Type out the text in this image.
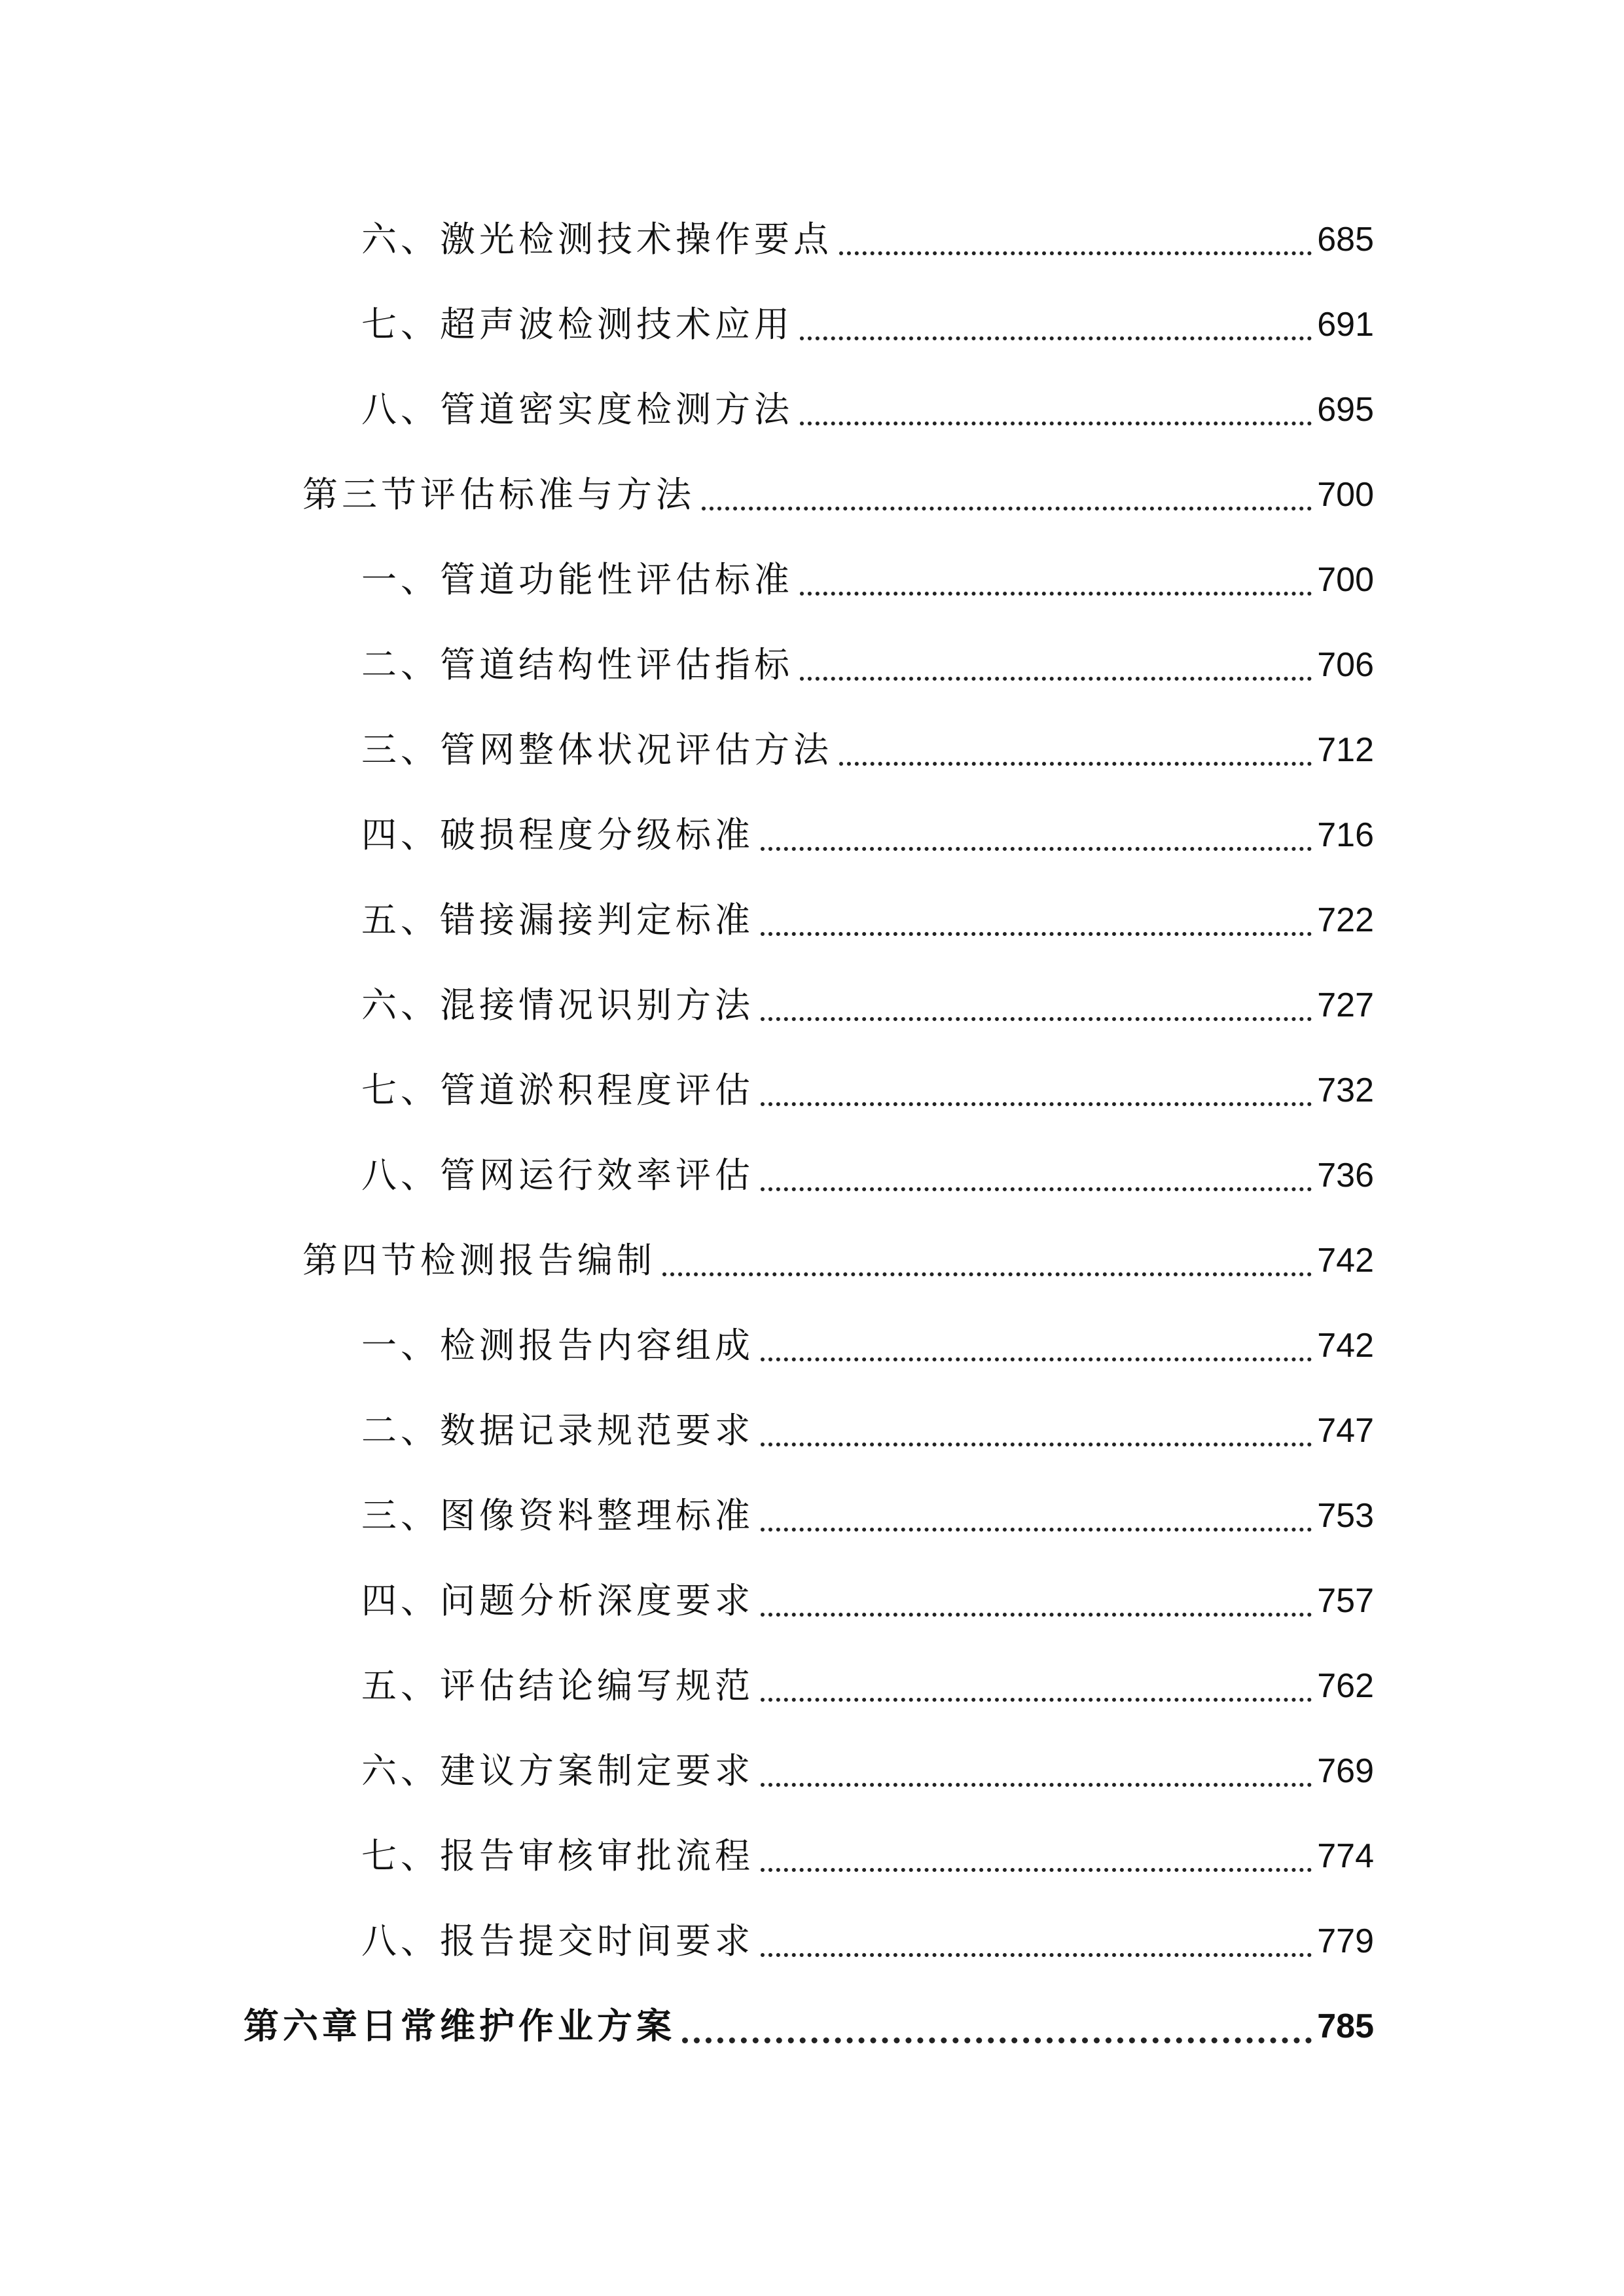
六、激光检测技术操作要点	685
七、超声波检测技术应用	691
八、管道密实度检测方法	695
第三节评估标准与方法	700
一、管道功能性评估标准	700
二、管道结构性评估指标	706
三、管网整体状况评估方法	712
四、破损程度分级标准	716
五、错接漏接判定标准	722
六、混接情况识别方法	727
七、管道淤积程度评估	732
八、管网运行效率评估	736
第四节检测报告编制	742
一、检测报告内容组成	742
二、数据记录规范要求	747
三、图像资料整理标准	753
四、问题分析深度要求	757
五、评估结论编写规范	762
六、建议方案制定要求	769
七、报告审核审批流程	774
八、报告提交时间要求	779
第六章日常维护作业方案	785
